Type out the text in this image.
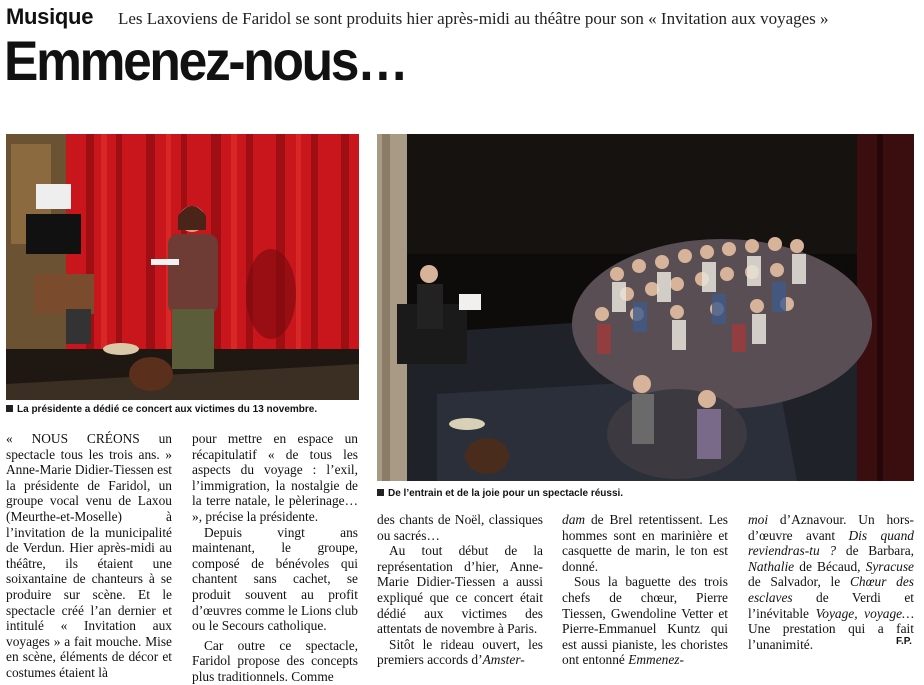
Musique Les Laxoviens de Faridol se sont produits hier après-midi au théâtre pour son « Invitation aux voyages »
Emmenez-nous…
La présidente a dédié ce concert aux victimes du 13 novembre.
De l’entrain et de la joie pour un spectacle réussi.

« NOUS CRÉONS un spectacle tous les trois ans. » Anne-Marie Didier-Tiessen est la présidente de Faridol, un groupe vocal venu de Laxou (Meurthe-et-Moselle) à l’invitation de la municipalité de Verdun. Hier après-midi au théâtre, ils étaient une soixantaine de chanteurs à se produire sur scène. Et le spectacle créé l’an dernier et intitulé « Invitation aux voyages » a fait mouche. Mise en scène, éléments de décor et costumes étaient là

pour mettre en espace un récapitulatif « de tous les aspects du voyage : l’exil, l’immigration, la nostalgie de la terre natale, le pèlerinage… », précise la présidente.

Depuis vingt ans maintenant, le groupe, composé de bénévoles qui chantent sans cachet, se produit souvent au profit d’œuvres comme le Lions club ou le Secours catholique.

Car outre ce spectacle, Faridol propose des concepts plus traditionnels. Comme

des chants de Noël, classiques ou sacrés…

Au tout début de la représentation d’hier, Anne-Marie Didier-Tiessen a aussi expliqué que ce concert était dédié aux victimes des attentats de novembre à Paris.

Sitôt le rideau ouvert, les premiers accords d’Amster-

dam de Brel retentissent. Les hommes sont en marinière et casquette de marin, le ton est donné.

Sous la baguette des trois chefs de chœur, Pierre Tiessen, Gwendoline Vetter et Pierre-Emmanuel Kuntz qui est aussi pianiste, les choristes ont entonné Emmenez-

moi d’Aznavour. Un hors-d’œuvre avant Dis quand reviendras-tu ? de Barbara, Nathalie de Bécaud, Syracuse de Salvador, le Chœur des esclaves de Verdi et l’inévitable Voyage, voyage… Une prestation qui a fait l’unanimité.	F.P.
